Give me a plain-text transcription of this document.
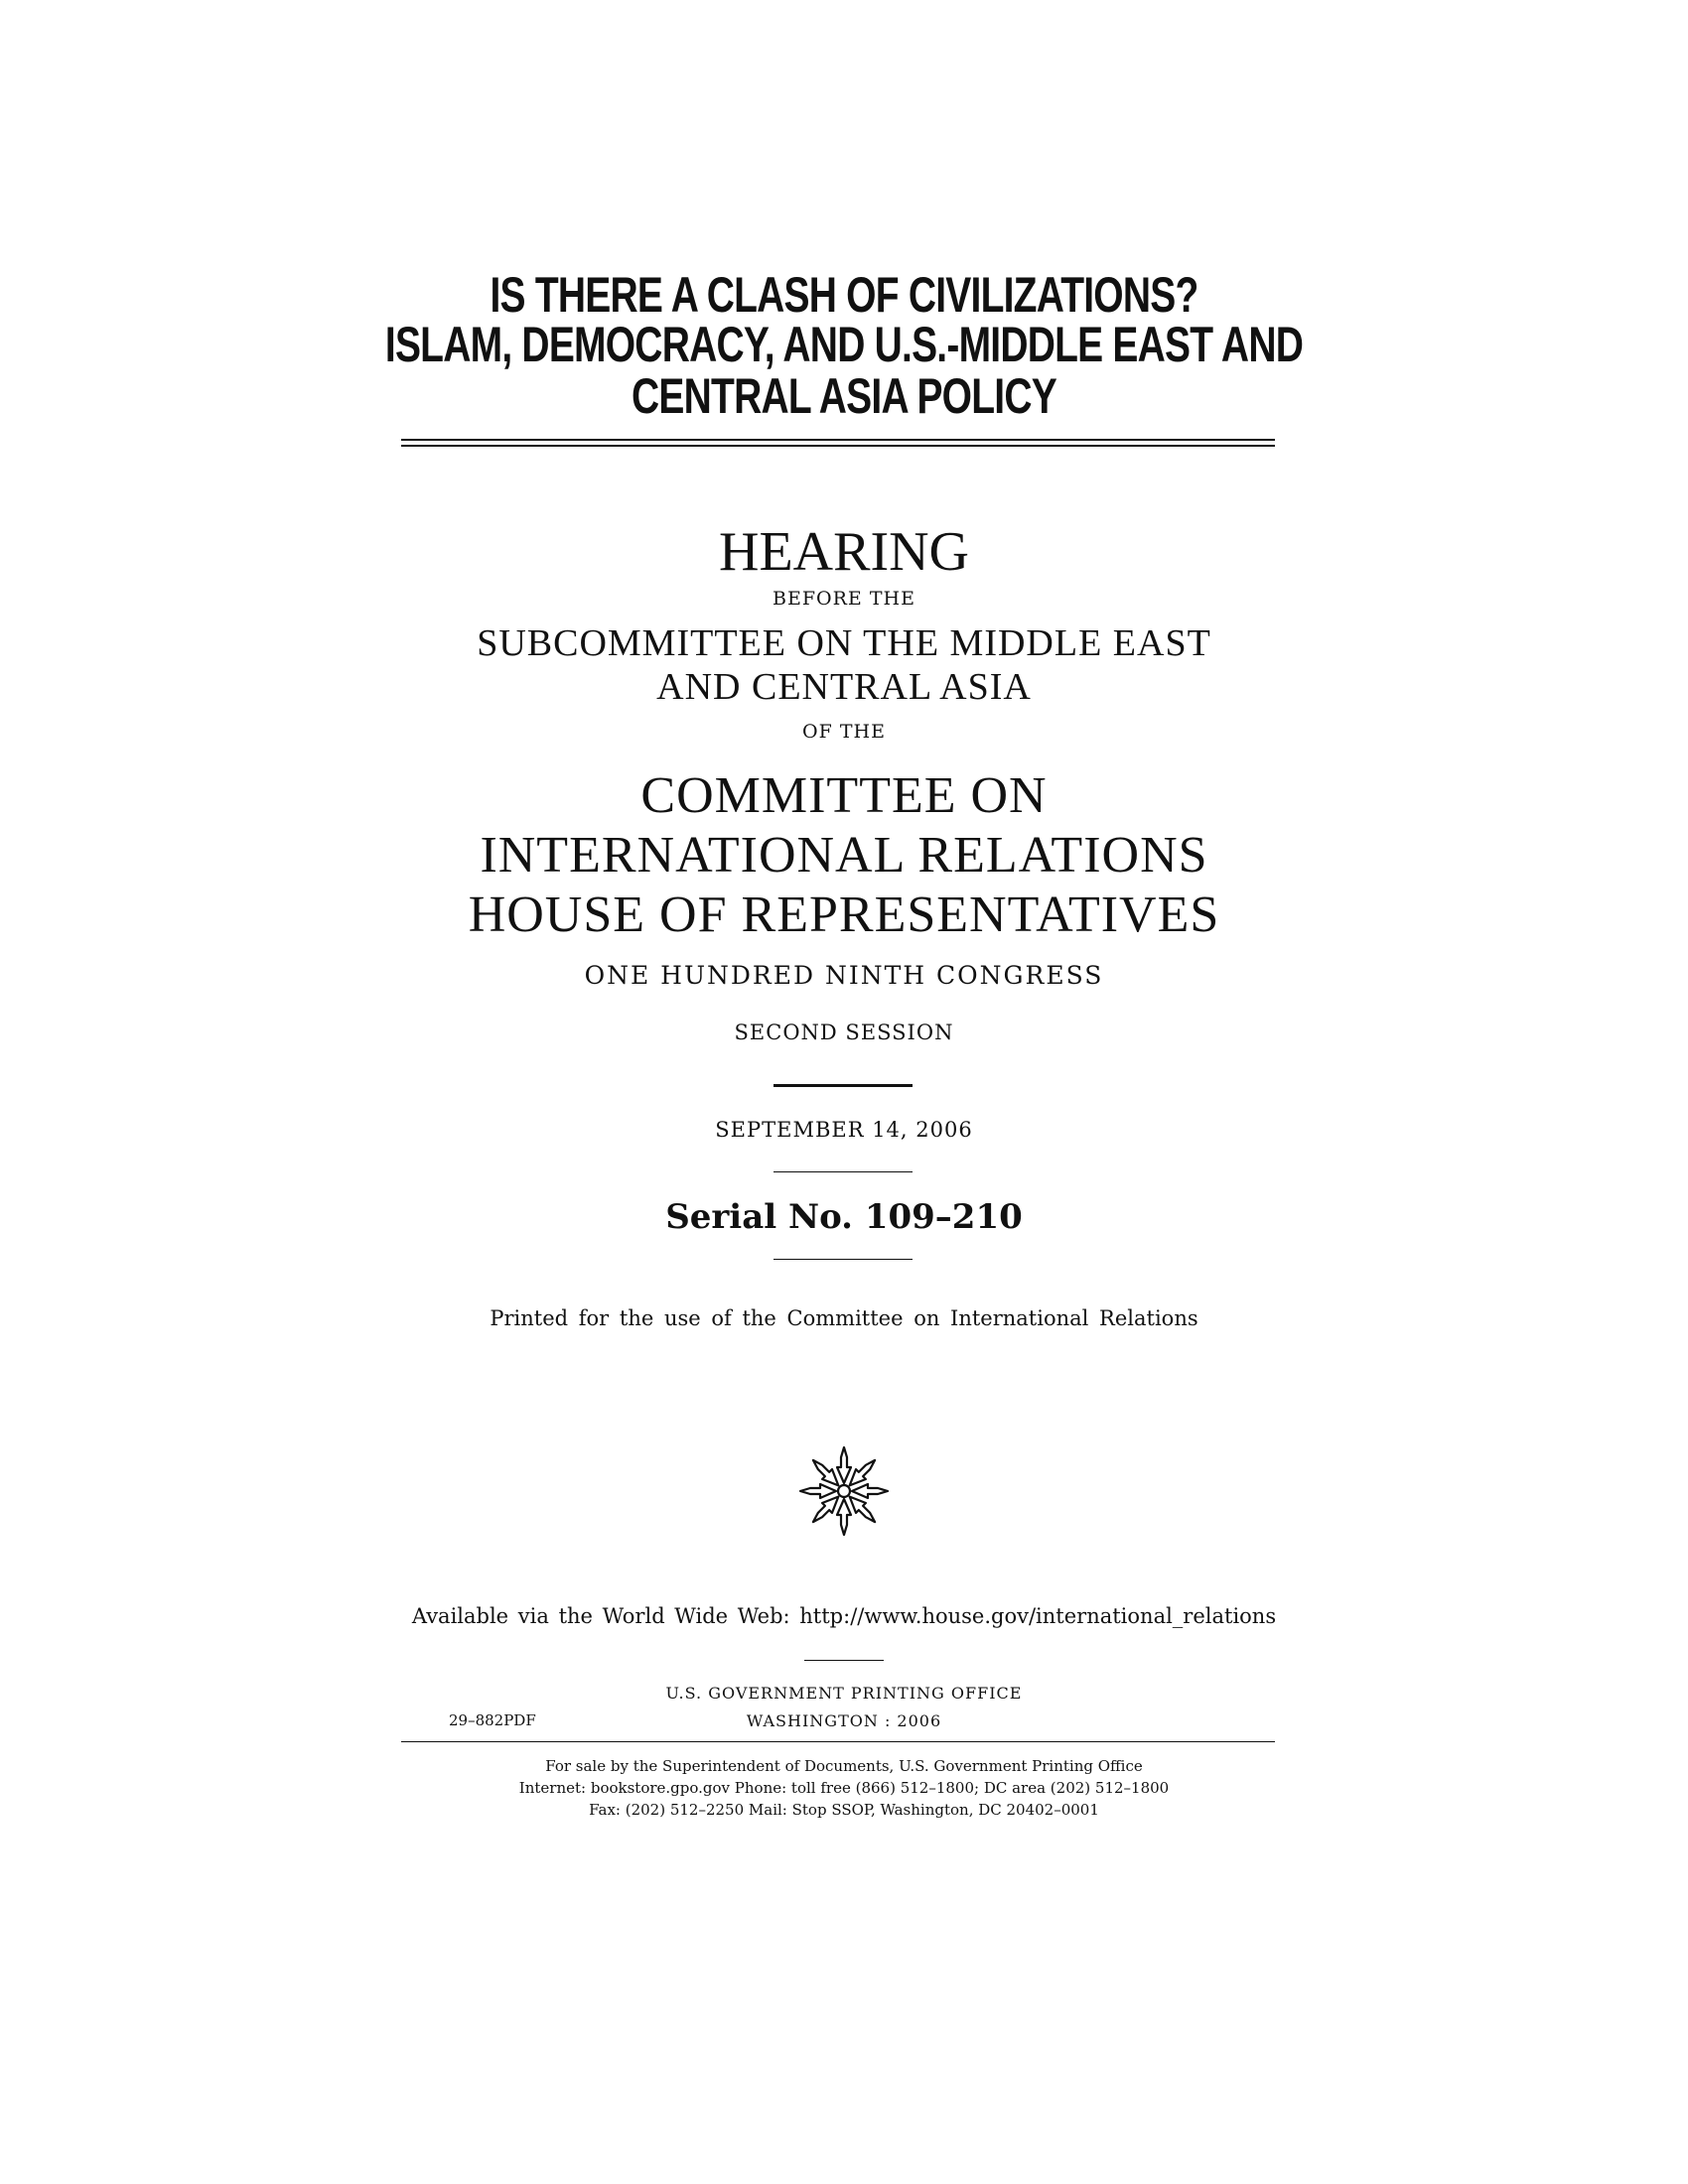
IS THERE A CLASH OF CIVILIZATIONS?
ISLAM, DEMOCRACY, AND U.S.-MIDDLE EAST AND
CENTRAL ASIA POLICY
HEARING
BEFORE THE
SUBCOMMITTEE ON THE MIDDLE EAST
AND CENTRAL ASIA
OF THE
COMMITTEE ON
INTERNATIONAL RELATIONS
HOUSE OF REPRESENTATIVES
ONE HUNDRED NINTH CONGRESS
SECOND SESSION
SEPTEMBER 14, 2006
Serial No. 109–210
Printed for the use of the Committee on International Relations
Available via the World Wide Web: http://www.house.gov/international_relations
U.S. GOVERNMENT PRINTING OFFICE
29–882PDF	WASHINGTON : 2006
For sale by the Superintendent of Documents, U.S. Government Printing Office
Internet: bookstore.gpo.gov Phone: toll free (866) 512–1800; DC area (202) 512–1800
Fax: (202) 512–2250 Mail: Stop SSOP, Washington, DC 20402–0001
